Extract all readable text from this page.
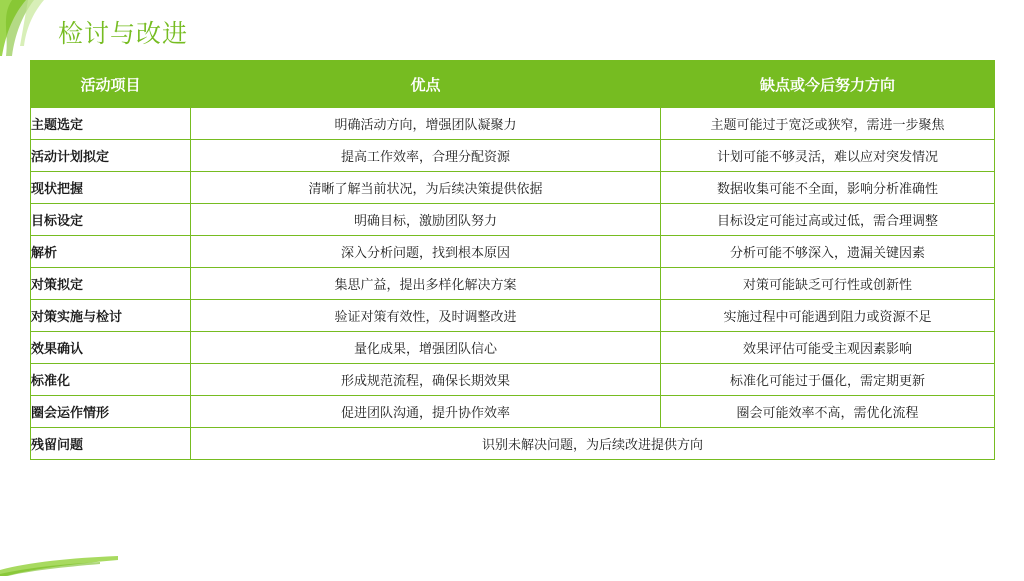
检讨与改进
活动项目	优点	缺点或今后努力方向
主题选定	明确活动方向，增强团队凝聚力	主题可能过于宽泛或狭窄，需进一步聚焦
活动计划拟定	提高工作效率，合理分配资源	计划可能不够灵活，难以应对突发情况
现状把握	清晰了解当前状况，为后续决策提供依据	数据收集可能不全面，影响分析准确性
目标设定	明确目标，激励团队努力	目标设定可能过高或过低，需合理调整
解析	深入分析问题，找到根本原因	分析可能不够深入，遗漏关键因素
对策拟定	集思广益，提出多样化解决方案	对策可能缺乏可行性或创新性
对策实施与检讨	验证对策有效性，及时调整改进	实施过程中可能遇到阻力或资源不足
效果确认	量化成果，增强团队信心	效果评估可能受主观因素影响
标准化	形成规范流程，确保长期效果	标准化可能过于僵化，需定期更新
圈会运作情形	促进团队沟通，提升协作效率	圈会可能效率不高，需优化流程
残留问题	识别未解决问题，为后续改进提供方向	
